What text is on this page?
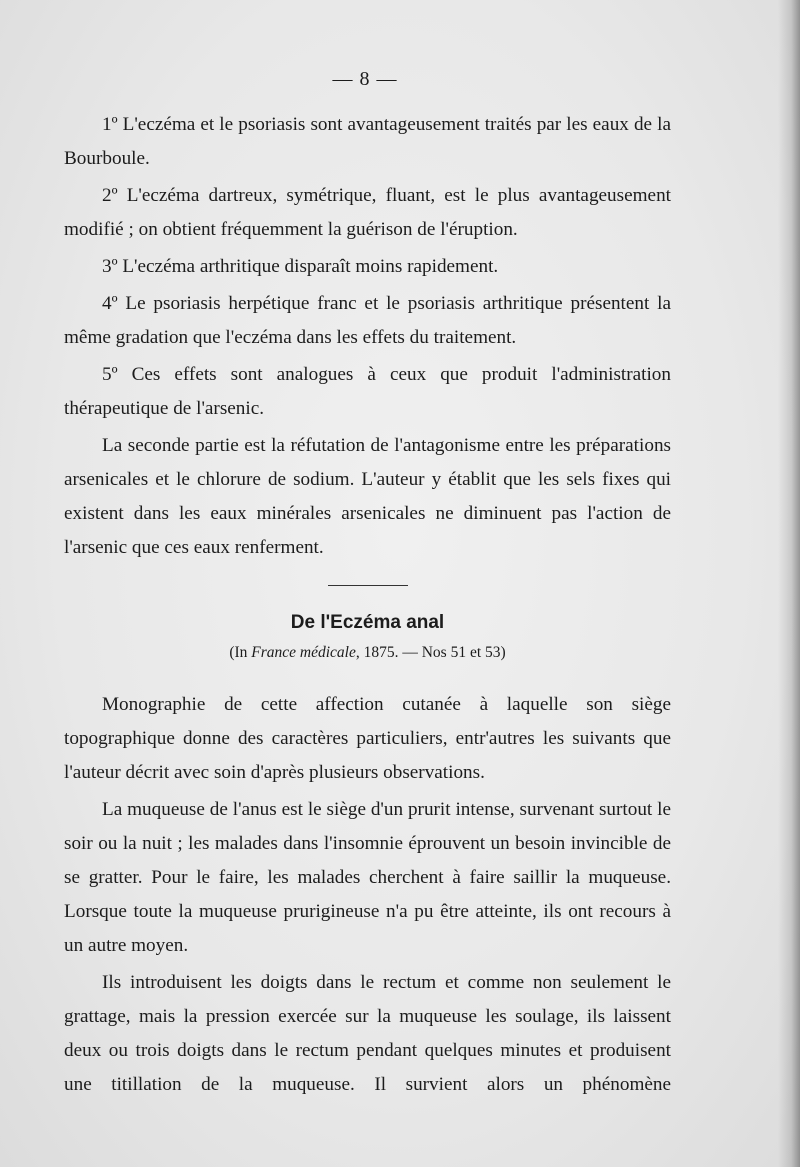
— 8 —

1º L'eczéma et le psoriasis sont avantageusement traités par les eaux de la Bourboule.

2º L'eczéma dartreux, symétrique, fluant, est le plus avantageusement modifié ; on obtient fréquemment la guérison de l'éruption.

3º L'eczéma arthritique disparaît moins rapidement.

4º Le psoriasis herpétique franc et le psoriasis arthritique présentent la même gradation que l'eczéma dans les effets du traitement.

5º Ces effets sont analogues à ceux que produit l'administration thérapeutique de l'arsenic.

La seconde partie est la réfutation de l'antagonisme entre les préparations arsenicales et le chlorure de sodium. L'auteur y établit que les sels fixes qui existent dans les eaux minérales arsenicales ne diminuent pas l'action de l'arsenic que ces eaux renferment.

De l'Eczéma anal

(In France médicale, 1875. — Nos 51 et 53)

Monographie de cette affection cutanée à laquelle son siège topographique donne des caractères particuliers, entr'autres les suivants que l'auteur décrit avec soin d'après plusieurs observations.

La muqueuse de l'anus est le siège d'un prurit intense, survenant surtout le soir ou la nuit ; les malades dans l'insomnie éprouvent un besoin invincible de se gratter. Pour le faire, les malades cherchent à faire saillir la muqueuse. Lorsque toute la muqueuse prurigineuse n'a pu être atteinte, ils ont recours à un autre moyen.

Ils introduisent les doigts dans le rectum et comme non seulement le grattage, mais la pression exercée sur la muqueuse les soulage, ils laissent deux ou trois doigts dans le rectum pendant quelques minutes et produisent une titillation de la muqueuse. Il survient alors un phénomène
